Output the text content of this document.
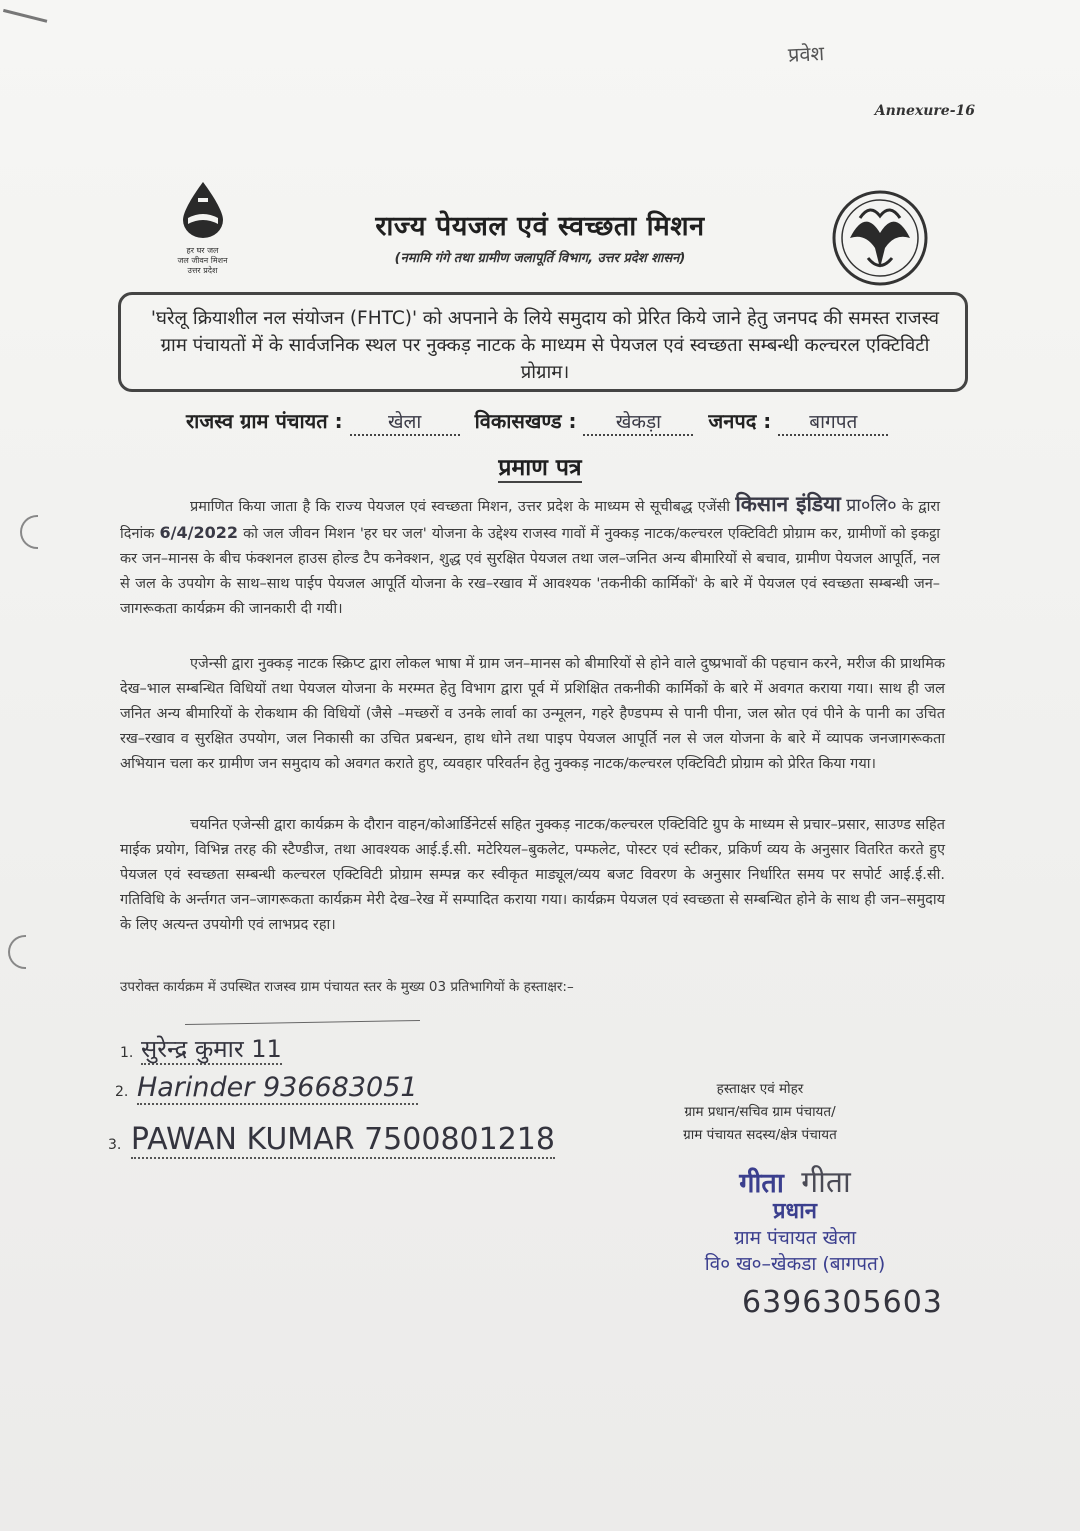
प्रवेश
Annexure-16
हर घर जल
जल जीवन मिशन
उत्तर प्रदेश
राज्य पेयजल एवं स्वच्छता मिशन
(नमामि गंगे तथा ग्रामीण जलापूर्ति विभाग, उत्तर प्रदेश शासन)
'घरेलू क्रियाशील नल संयोजन (FHTC)' को अपनाने के लिये समुदाय को प्रेरित किये जाने हेतु जनपद की समस्त राजस्व ग्राम पंचायतों में के सार्वजनिक स्थल पर नुक्कड़ नाटक के माध्यम से पेयजल एवं स्वच्छता सम्बन्धी कल्चरल एक्टिविटी प्रोग्राम।
राजस्व ग्राम पंचायत : खेला	विकासखण्ड : खेकड़ा जनपद : बागपत
प्रमाण पत्र
प्रमाणित किया जाता है कि राज्य पेयजल एवं स्वच्छता मिशन, उत्तर प्रदेश के माध्यम से सूचीबद्ध एजेंसी किसान इंडिया प्रा०लि० के द्वारा दिनांक 6/4/2022 को जल जीवन मिशन 'हर घर जल' योजना के उद्देश्य राजस्व गावों में नुक्कड़ नाटक/कल्चरल एक्टिविटी प्रोग्राम कर, ग्रामीणों को इकट्ठा कर जन–मानस के बीच फंक्शनल हाउस होल्ड टैप कनेक्शन, शुद्ध एवं सुरक्षित पेयजल तथा जल–जनित अन्य बीमारियों से बचाव, ग्रामीण पेयजल आपूर्ति, नल से जल के उपयोग के साथ–साथ पाईप पेयजल आपूर्ति योजना के रख–रखाव में आवश्यक 'तकनीकी कार्मिकों' के बारे में पेयजल एवं स्वच्छता सम्बन्धी जन–जागरूकता कार्यक्रम की जानकारी दी गयी।
एजेन्सी द्वारा नुक्कड़ नाटक स्क्रिप्ट द्वारा लोकल भाषा में ग्राम जन–मानस को बीमारियों से होने वाले दुष्प्रभावों की पहचान करने, मरीज की प्राथमिक देख–भाल सम्बन्धित विधियों तथा पेयजल योजना के मरम्मत हेतु विभाग द्वारा पूर्व में प्रशिक्षित तकनीकी कार्मिकों के बारे में अवगत कराया गया। साथ ही जल जनित अन्य बीमारियों के रोकथाम की विधियों (जैसे –मच्छरों व उनके लार्वा का उन्मूलन, गहरे हैण्डपम्प से पानी पीना, जल स्रोत एवं पीने के पानी का उचित रख–रखाव व सुरक्षित उपयोग, जल निकासी का उचित प्रबन्धन, हाथ धोने तथा पाइप पेयजल आपूर्ति नल से जल योजना के बारे में व्यापक जनजागरूकता अभियान चला कर ग्रामीण जन समुदाय को अवगत कराते हुए, व्यवहार परिवर्तन हेतु नुक्कड़ नाटक/कल्चरल एक्टिविटी प्रोग्राम को प्रेरित किया गया।
चयनित एजेन्सी द्वारा कार्यक्रम के दौरान वाहन/कोआर्डिनेटर्स सहित नुक्कड़ नाटक/कल्चरल एक्टिविटि ग्रुप के माध्यम से प्रचार–प्रसार, साउण्ड सहित माईक प्रयोग, विभिन्न तरह की स्टैण्डीज, तथा आवश्यक आई.ई.सी. मटेरियल–बुकलेट, पम्फलेट, पोस्टर एवं स्टीकर, प्रकिर्ण व्यय के अनुसार वितरित करते हुए पेयजल एवं स्वच्छता सम्बन्धी कल्चरल एक्टिविटी प्रोग्राम सम्पन्न कर स्वीकृत माड्यूल/व्यय बजट विवरण के अनुसार निर्धारित समय पर सपोर्ट आई.ई.सी. गतिविधि के अर्न्तगत जन–जागरूकता कार्यक्रम मेरी देख–रेख में सम्पादित कराया गया। कार्यक्रम पेयजल एवं स्वच्छता से सम्बन्धित होने के साथ ही जन–समुदाय के लिए अत्यन्त उपयोगी एवं लाभप्रद रहा।
उपरोक्त कार्यक्रम में उपस्थित राजस्व ग्राम पंचायत स्तर के मुख्य 03 प्रतिभागियों के हस्ताक्षर:–
1. सुरेन्द्र कुमार 11
2. Harinder 936683051
3. PAWAN KUMAR 7500801218
हस्ताक्षर एवं मोहर
ग्राम प्रधान/सचिव ग्राम पंचायत/
ग्राम पंचायत सदस्य/क्षेत्र पंचायत
गीता गीता
प्रधान
ग्राम पंचायत खेला
वि० ख०–खेकडा (बागपत)
6396305603
